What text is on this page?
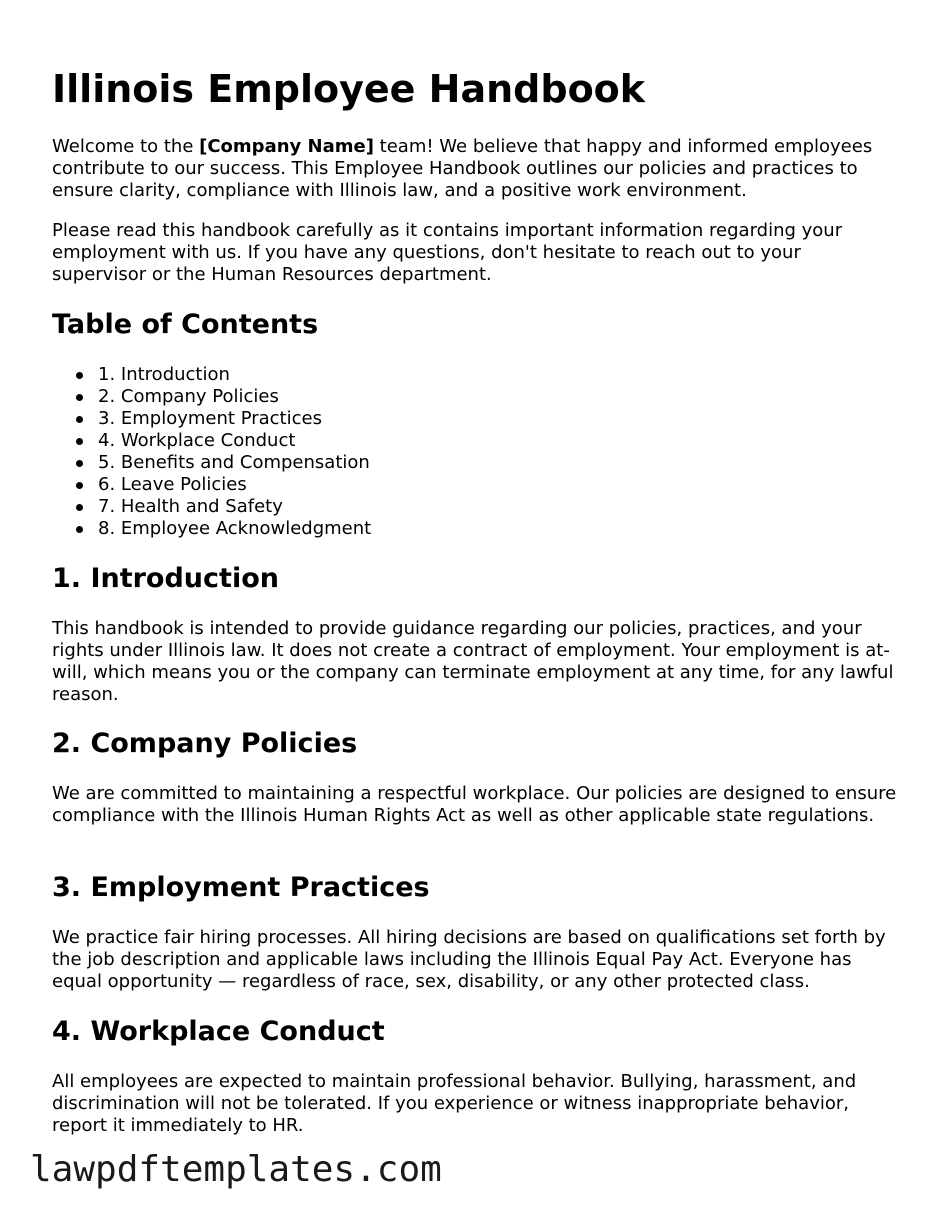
Illinois Employee Handbook

Welcome to the [Company Name] team! We believe that happy and informed employees contribute to our success. This Employee Handbook outlines our policies and practices to ensure clarity, compliance with Illinois law, and a positive work environment.

Please read this handbook carefully as it contains important information regarding your employment with us. If you have any questions, don't hesitate to reach out to your supervisor or the Human Resources department.

Table of Contents
1. Introduction
2. Company Policies
3. Employment Practices
4. Workplace Conduct
5. Benefits and Compensation
6. Leave Policies
7. Health and Safety
8. Employee Acknowledgment
1. Introduction

This handbook is intended to provide guidance regarding our policies, practices, and your rights under Illinois law. It does not create a contract of employment. Your employment is at-will, which means you or the company can terminate employment at any time, for any lawful reason.

2. Company Policies

We are committed to maintaining a respectful workplace. Our policies are designed to ensure compliance with the Illinois Human Rights Act as well as other applicable state regulations.

3. Employment Practices

We practice fair hiring processes. All hiring decisions are based on qualifications set forth by the job description and applicable laws including the Illinois Equal Pay Act. Everyone has equal opportunity — regardless of race, sex, disability, or any other protected class.

4. Workplace Conduct

All employees are expected to maintain professional behavior. Bullying, harassment, and discrimination will not be tolerated. If you experience or witness inappropriate behavior, report it immediately to HR.

lawpdftemplates.com
